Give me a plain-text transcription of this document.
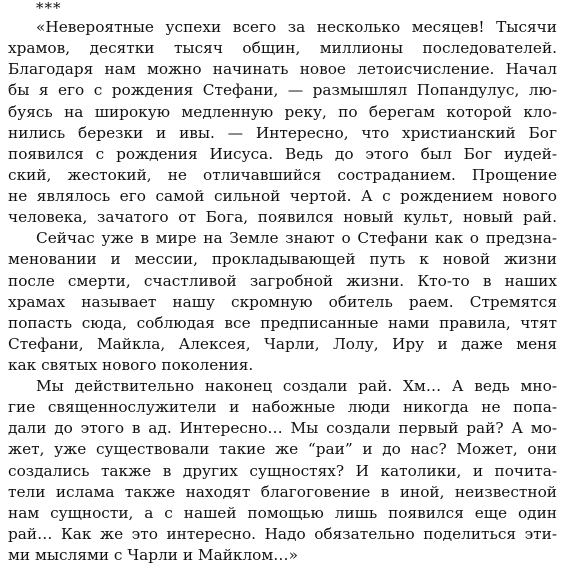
***

«Невероятные успехи всего за несколько месяцев! Тысячи
храмов, десятки тысяч общин, миллионы последователей.
Благодаря нам можно начинать новое летоисчисление. Начал
бы я его с рождения Стефани, — размышлял Попандулус, лю-
буясь на широкую медленную реку, по берегам которой кло-
нились березки и ивы. — Интересно, что христианский Бог
появился с рождения Иисуса. Ведь до этого был Бог иудей-
ский, жестокий, не отличавшийся состраданием. Прощение
не являлось его самой сильной чертой. А с рождением нового
человека, зачатого от Бога, появился новый культ, новый рай.
Сейчас уже в мире на Земле знают о Стефани как о предзна-
меновании и мессии, прокладывающей путь к новой жизни
после смерти, счастливой загробной жизни. Кто-то в наших
храмах называет нашу скромную обитель раем. Стремятся
попасть сюда, соблюдая все предписанные нами правила, чтят
Стефани, Майкла, Алексея, Чарли, Лолу, Иру и даже меня
как святых нового поколения.
Мы действительно наконец создали рай. Хм… А ведь мно-
гие священнослужители и набожные люди никогда не попа-
дали до этого в ад. Интересно… Мы создали первый рай? А мо-
жет, уже существовали такие же “раи” и до нас? Может, они
создались также в других сущностях? И католики, и почита-
тели ислама также находят благоговение в иной, неизвестной
нам сущности, а с нашей помощью лишь появился еще один
рай… Как же это интересно. Надо обязательно поделиться эти-
ми мыслями с Чарли и Майклом…»
